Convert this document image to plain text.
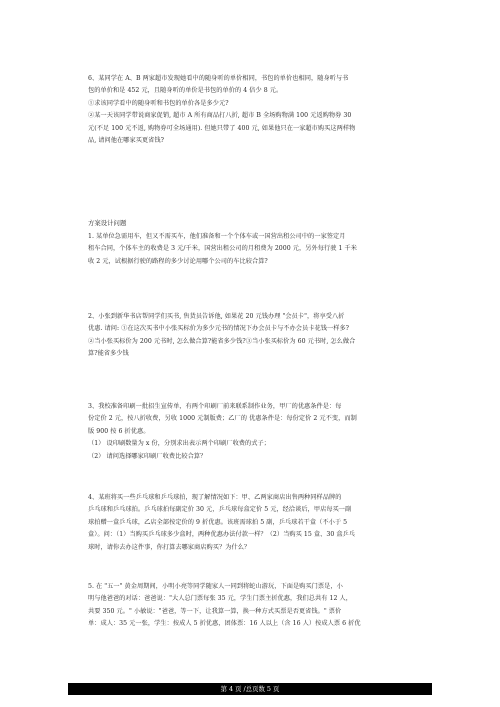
6、某同学在 A、B 两家超市发现她看中的随身听的单价相同，书包的单价也相同，随身听与书

包的单价和是 452 元，且随身听的单价是书包的单价的 4 倍少 8 元。

①求该同学看中的随身听和书包的单价各是多少元?

②某一天该同学带说商家促销, 超市 A 所有商品打八折, 超市 B 全场购物满 100 元返购物券 30

元(不足 100 元不返, 购物券可全场通用). 但她只带了 400 元, 如果他只在一家超市购买这两样物

品, 请问他在哪家买更省钱?

方案设计问题

1. 某单位急需用车，但又不需买车，他们准备和一个个体车或一国营出租公司中的一家签定月

租车合同，个体车主的收费是 3 元/千米，国营出租公司的月租费为 2000 元，另外每行驶 1 千米

收 2 元，试根据行驶的路程的多少讨论用哪个公司的车比较合算?

2、小张到新华书店帮同学们买书, 售货员告诉他, 如果花 20 元钱办理 "会员卡"，将享受八折

优惠. 请问: ①在这次买书中小张买标价为多少元书的情况下办会员卡与不办会员卡花钱一样多?

②当小张买标价为 200 元书时, 怎么做合算?能省多少钱?③当小张买标价为 60 元书时, 怎么做合

算?能省多少钱

3、我校准备印刷一批招生宣传单，有两个印刷厂前来联系制作业务，甲厂的优惠条件是：每

份定价 2 元，按八折收费，另收 1000 元制版费；乙厂的 优惠条件是：每份定价 2 元不变，而制

版 900 按 6 折优惠。

（1） 设印刷数量为 x 份，分别求出表示两个印刷厂收费的式子；

（2） 请问选择哪家印刷厂收费比较合算？

4、某班将买一些乒乓球和乒乓球拍，现了解情况如下：甲、乙两家商店出售两种同样品牌的

乒乓球和乒乓球拍。乒乓球拍每副定价 30 元，乒乓球每盒定价 5 元，经洽谈后，甲店每买一副

球拍赠一盒乒乓球，乙店全部按定价的 9 折优惠。该班需球拍 5 副，乒乓球若干盒（不小于 5

盒）。问：（1）当购买乒乓球多少盒时，两种优惠办法付款一样？（2）当购买 15 盒、30 盒乒乓

球时，请你去办这件事，你打算去哪家商店购买？为什么？

5. 在 "五一" 黄金周期间，小明小亮等同学随家人一同到将蛇山游玩，下面是购买门票是，小

明与他爸爸的对话：爸爸说："大人总门票每张 35 元，学生门票主折优惠，我们总共有 12 人，

共要 350 元。" 小敏说："爸爸，等一下，让我算一算，换一种方式买票是否更省钱。" 票价

单：成人：35 元一张，学生：按成人 5 折优惠，团体票：16 人以上（含 16 人）按成人票 6 折优

第 4 页 /总页数 5 页
